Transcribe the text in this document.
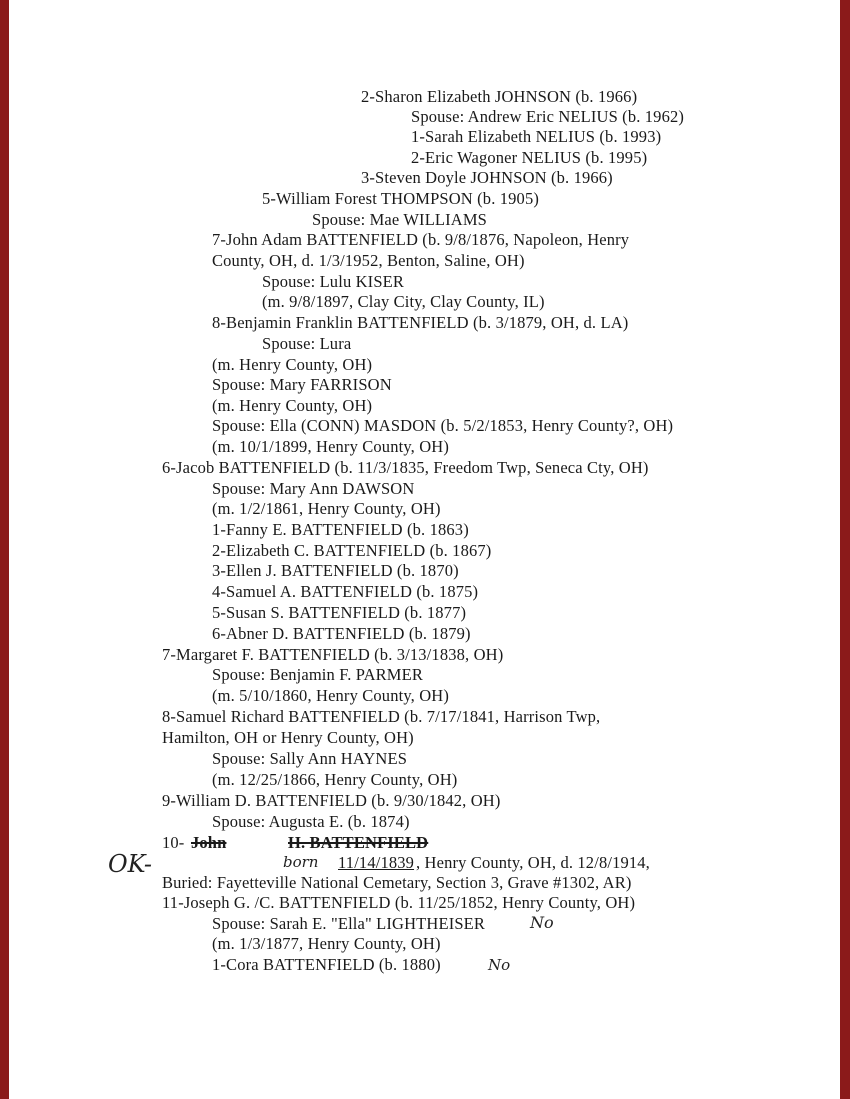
2-Sharon Elizabeth JOHNSON (b. 1966)
Spouse: Andrew Eric NELIUS (b. 1962)
1-Sarah Elizabeth NELIUS (b. 1993)
2-Eric Wagoner NELIUS (b. 1995)
3-Steven Doyle JOHNSON (b. 1966)
5-William Forest THOMPSON (b. 1905)
Spouse: Mae WILLIAMS
7-John Adam BATTENFIELD (b. 9/8/1876, Napoleon, Henry
County, OH, d. 1/3/1952, Benton, Saline, OH)
Spouse: Lulu KISER
(m. 9/8/1897, Clay City, Clay County, IL)
8-Benjamin Franklin BATTENFIELD (b. 3/1879, OH, d. LA)
Spouse: Lura
(m. Henry County, OH)
Spouse: Mary FARRISON
(m. Henry County, OH)
Spouse: Ella (CONN) MASDON (b. 5/2/1853, Henry County?, OH)
(m. 10/1/1899, Henry County, OH)
6-Jacob BATTENFIELD (b. 11/3/1835, Freedom Twp, Seneca Cty, OH)
Spouse: Mary Ann DAWSON
(m. 1/2/1861, Henry County, OH)
1-Fanny E. BATTENFIELD (b. 1863)
2-Elizabeth C. BATTENFIELD (b. 1867)
3-Ellen J. BATTENFIELD (b. 1870)
4-Samuel A. BATTENFIELD (b. 1875)
5-Susan S. BATTENFIELD (b. 1877)
6-Abner D. BATTENFIELD (b. 1879)
7-Margaret F. BATTENFIELD (b. 3/13/1838, OH)
Spouse: Benjamin F. PARMER
(m. 5/10/1860, Henry County, OH)
8-Samuel Richard BATTENFIELD (b. 7/17/1841, Harrison Twp,
Hamilton, OH or Henry County, OH)
Spouse: Sally Ann HAYNES
(m. 12/25/1866, Henry County, OH)
9-William D. BATTENFIELD (b. 9/30/1842, OH)
Spouse: Augusta E. (b. 1874)
10- John	H. BATTENFIELD
born 11/14/1839 , Henry County, OH, d. 12/8/1914,
Buried: Fayetteville National Cemetary, Section 3, Grave #1302, AR)
11-Joseph G. /C. BATTENFIELD (b. 11/25/1852, Henry County, OH)
Spouse: Sarah E. "Ella" LIGHTHEISER
(m. 1/3/1877, Henry County, OH)
1-Cora BATTENFIELD (b. 1880)
OK-
No
No
